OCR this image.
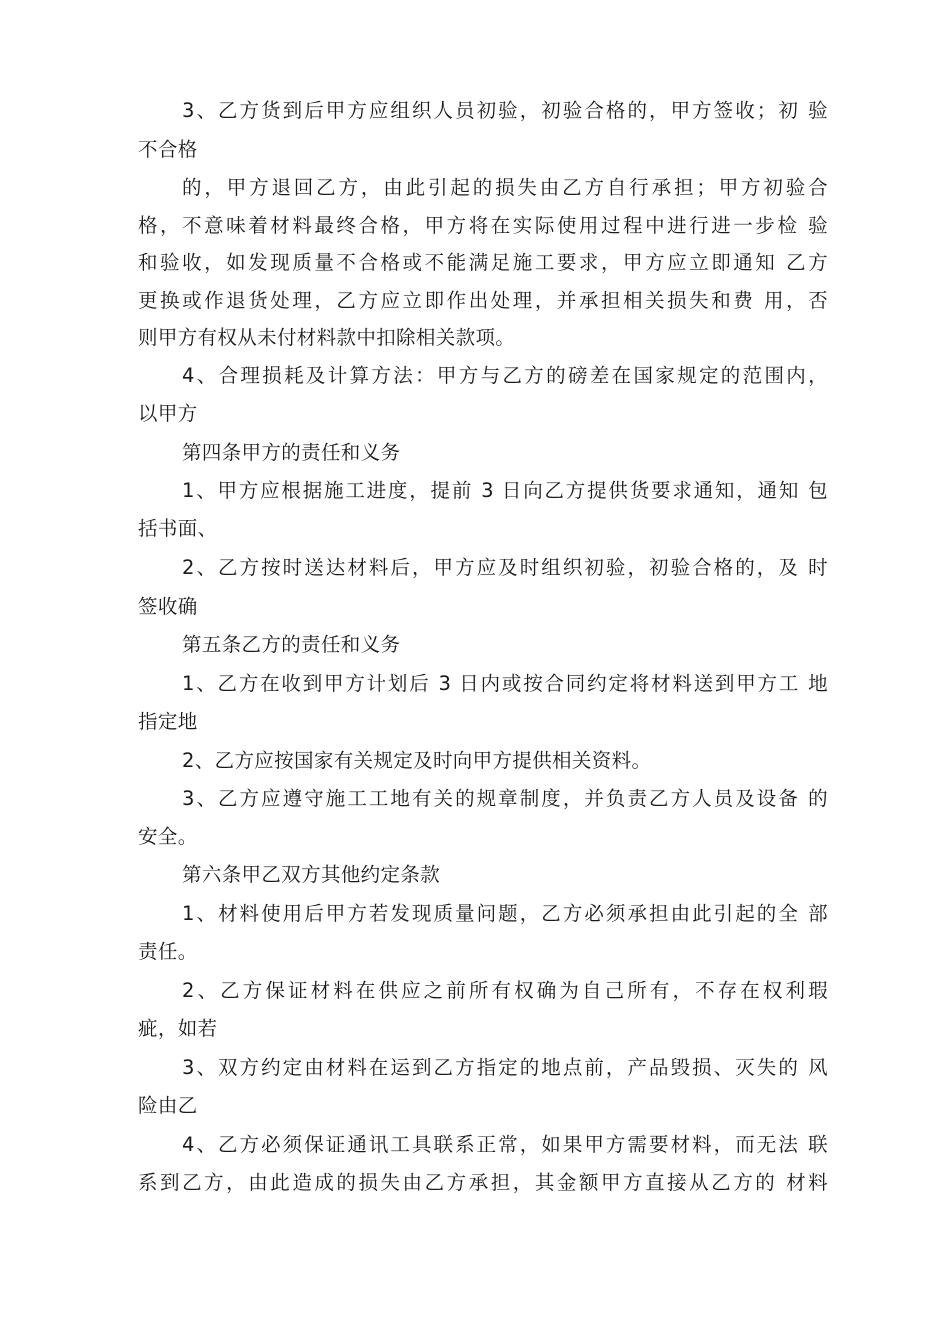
3、乙方货到后甲方应组织人员初验，初验合格的，甲方签收；初 验
不合格
的，甲方退回乙方，由此引起的损失由乙方自行承担；甲方初验合
格，不意味着材料最终合格，甲方将在实际使用过程中进行进一步检 验
和验收，如发现质量不合格或不能满足施工要求，甲方应立即通知 乙方
更换或作退货处理，乙方应立即作出处理，并承担相关损失和费 用，否
则甲方有权从未付材料款中扣除相关款项。
4、合理损耗及计算方法：甲方与乙方的磅差在国家规定的范围内，
以甲方
第四条甲方的责任和义务
1、甲方应根据施工进度，提前 3 日向乙方提供货要求通知，通知 包
括书面、
2、乙方按时送达材料后，甲方应及时组织初验，初验合格的，及 时
签收确
第五条乙方的责任和义务
1、乙方在收到甲方计划后 3 日内或按合同约定将材料送到甲方工 地
指定地
2、乙方应按国家有关规定及时向甲方提供相关资料。
3、乙方应遵守施工工地有关的规章制度，并负责乙方人员及设备 的
安全。
第六条甲乙双方其他约定条款
1、材料使用后甲方若发现质量问题，乙方必须承担由此引起的全 部
责任。
2、乙方保证材料在供应之前所有权确为自己所有，不存在权利瑕
疵，如若
3、双方约定由材料在运到乙方指定的地点前，产品毁损、灭失的 风
险由乙
4、乙方必须保证通讯工具联系正常，如果甲方需要材料，而无法 联
系到乙方，由此造成的损失由乙方承担，其金额甲方直接从乙方的 材料
